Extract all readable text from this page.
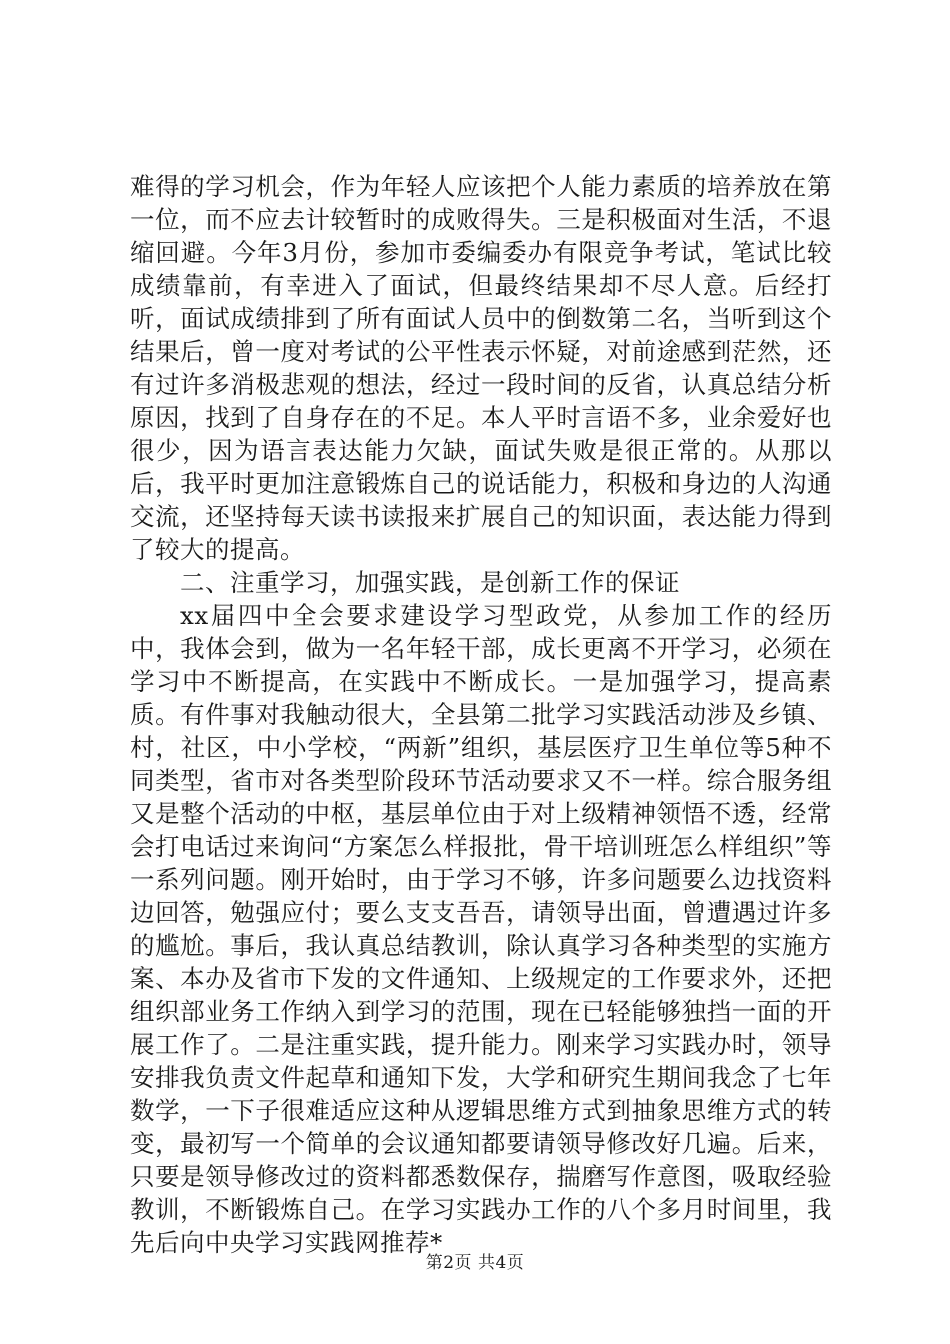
难得的学习机会，作为年轻人应该把个人能力素质的培养放在第一位，而不应去计较暂时的成败得失。三是积极面对生活，不退缩回避。今年3月份，参加市委编委办有限竞争考试，笔试比较成绩靠前，有幸进入了面试，但最终结果却不尽人意。后经打听，面试成绩排到了所有面试人员中的倒数第二名，当听到这个结果后，曾一度对考试的公平性表示怀疑，对前途感到茫然，还有过许多消极悲观的想法，经过一段时间的反省，认真总结分析原因，找到了自身存在的不足。本人平时言语不多，业余爱好也很少，因为语言表达能力欠缺，面试失败是很正常的。从那以后，我平时更加注意锻炼自己的说话能力，积极和身边的人沟通交流，还坚持每天读书读报来扩展自己的知识面，表达能力得到了较大的提高。

二、注重学习，加强实践，是创新工作的保证

xx届四中全会要求建设学习型政党，从参加工作的经历中，我体会到，做为一名年轻干部，成长更离不开学习，必须在学习中不断提高，在实践中不断成长。一是加强学习，提高素质。有件事对我触动很大，全县第二批学习实践活动涉及乡镇、村，社区，中小学校，“两新”组织，基层医疗卫生单位等5种不同类型，省市对各类型阶段环节活动要求又不一样。综合服务组又是整个活动的中枢，基层单位由于对上级精神领悟不透，经常会打电话过来询问“方案怎么样报批，骨干培训班怎么样组织”等一系列问题。刚开始时，由于学习不够，许多问题要么边找资料边回答，勉强应付；要么支支吾吾，请领导出面，曾遭遇过许多的尴尬。事后，我认真总结教训，除认真学习各种类型的实施方案、本办及省市下发的文件通知、上级规定的工作要求外，还把组织部业务工作纳入到学习的范围，现在已轻能够独挡一面的开展工作了。二是注重实践，提升能力。刚来学习实践办时，领导安排我负责文件起草和通知下发，大学和研究生期间我念了七年数学，一下子很难适应这种从逻辑思维方式到抽象思维方式的转变，最初写一个简单的会议通知都要请领导修改好几遍。后来，只要是领导修改过的资料都悉数保存，揣磨写作意图，吸取经验教训，不断锻炼自己。在学习实践办工作的八个多月时间里，我先后向中央学习实践网推荐*

第2页 共4页
